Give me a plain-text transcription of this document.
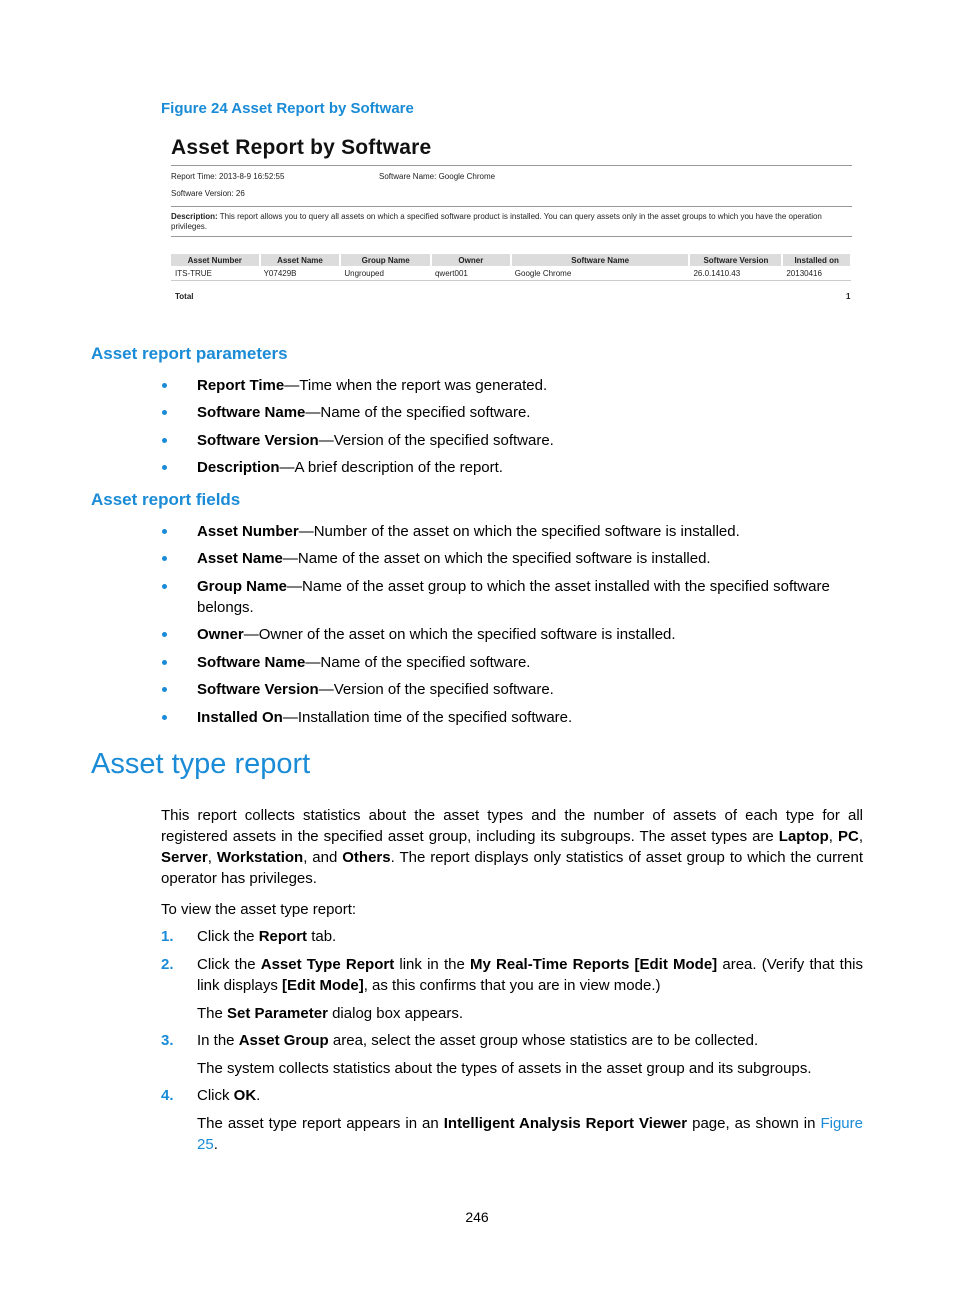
Figure 24 Asset Report by Software
Asset Report by Software
Report Time: 2013-8-9 16:52:55	Software Name: Google Chrome
Software Version: 26
Description: This report allows you to query all assets on which a specified software product is installed. You can query assets only in the asset groups to which you have the operation privileges.
Asset Number	Asset Name	Group Name	Owner	Software Name	Software Version	Installed on
ITS-TRUE	Y07429B	Ungrouped	qwert001	Google Chrome	26.0.1410.43	20130416
Total	1
Asset report parameters
Report Time—Time when the report was generated.
Software Name—Name of the specified software.
Software Version—Version of the specified software.
Description—A brief description of the report.
Asset report fields
Asset Number—Number of the asset on which the specified software is installed.
Asset Name—Name of the asset on which the specified software is installed.
Group Name—Name of the asset group to which the asset installed with the specified software belongs.
Owner—Owner of the asset on which the specified software is installed.
Software Name—Name of the specified software.
Software Version—Version of the specified software.
Installed On—Installation time of the specified software.
Asset type report
This report collects statistics about the asset types and the number of assets of each type for all registered assets in the specified asset group, including its subgroups. The asset types are Laptop, PC, Server, Workstation, and Others. The report displays only statistics of asset group to which the current operator has privileges.
To view the asset type report:
1. Click the Report tab.
2. Click the Asset Type Report link in the My Real-Time Reports [Edit Mode] area. (Verify that this link displays [Edit Mode], as this confirms that you are in view mode.)
The Set Parameter dialog box appears.
3. In the Asset Group area, select the asset group whose statistics are to be collected.
The system collects statistics about the types of assets in the asset group and its subgroups.
4. Click OK.
The asset type report appears in an Intelligent Analysis Report Viewer page, as shown in Figure 25.
246
